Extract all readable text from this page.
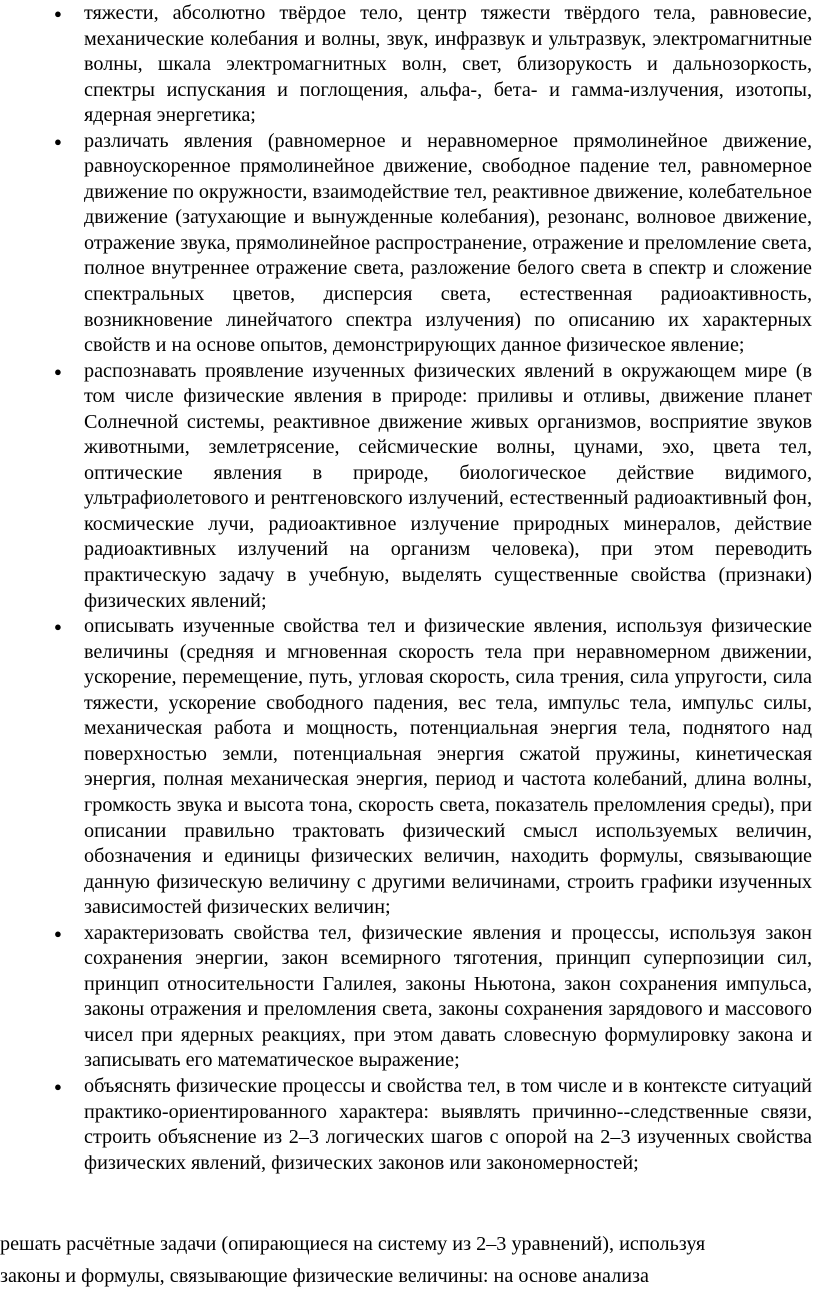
● тяжести, абсолютно твёрдое тело, центр тяжести твёрдого тела, равновесие, механические колебания и волны, звук, инфразвук и ультразвук, электромагнитные волны, шкала электромагнитных волн, свет, близорукость и дальнозоркость, спектры испускания и поглощения, альфа-, бета- и гамма-излучения, изотопы, ядерная энергетика;
● различать явления (равномерное и неравномерное прямолинейное движение, равноускоренное прямолинейное движение, свободное падение тел, равномерное движение по окружности, взаимодействие тел, реактивное движение, колебательное движение (затухающие и вынужденные колебания), резонанс, волновое движение, отражение звука, прямолинейное распространение, отражение и преломление света, полное внутреннее отражение света, разложение белого света в спектр и сложение спектральных цветов, дисперсия света, естественная радиоактивность, возникновение линейчатого спектра излучения) по описанию их характерных свойств и на основе опытов, демонстрирующих данное физическое явление;
● распознавать проявление изученных физических явлений в окружающем мире (в том числе физические явления в природе: приливы и отливы, движение планет Солнечной системы, реактивное движение живых организмов, восприятие звуков животными, землетрясение, сейсмические волны, цунами, эхо, цвета тел, оптические явления в природе, биологическое действие видимого, ультрафиолетового и рентгеновского излучений, естественный радиоактивный фон, космические лучи, радиоактивное излучение природных минералов, действие радиоактивных излучений на организм человека), при этом переводить практическую задачу в учебную, выделять существенные свойства (признаки) физических явлений;
● описывать изученные свойства тел и физические явления, используя физические величины (средняя и мгновенная скорость тела при неравномерном движении, ускорение, перемещение, путь, угловая скорость, сила трения, сила упругости, сила тяжести, ускорение свободного падения, вес тела, импульс тела, импульс силы, механическая работа и мощность, потенциальная энергия тела, поднятого над поверхностью земли, потенциальная энергия сжатой пружины, кинетическая энергия, полная механическая энергия, период и частота колебаний, длина волны, громкость звука и высота тона, скорость света, показатель преломления среды), при описании правильно трактовать физический смысл используемых величин, обозначения и единицы физических величин, находить формулы, связывающие данную физическую величину с другими величинами, строить графики изученных зависимостей физических величин;
● характеризовать свойства тел, физические явления и процессы, используя закон сохранения энергии, закон всемирного тяготения, принцип суперпозиции сил, принцип относительности Галилея, законы Ньютона, закон сохранения импульса, законы отражения и преломления света, законы сохранения зарядового и массового чисел при ядерных реакциях, при этом давать словесную формулировку закона и записывать его математическое выражение;
● объяснять физические процессы и свойства тел, в том числе и в контексте ситуаций практико-ориентированного характера: выявлять причинно--следственные связи, строить объяснение из 2–3 логических шагов с опорой на 2–3 изученных свойства физических явлений, физических законов или закономерностей;

решать расчётные задачи (опирающиеся на систему из 2–3 уравнений), используя

законы и формулы, связывающие физические величины: на основе анализа
